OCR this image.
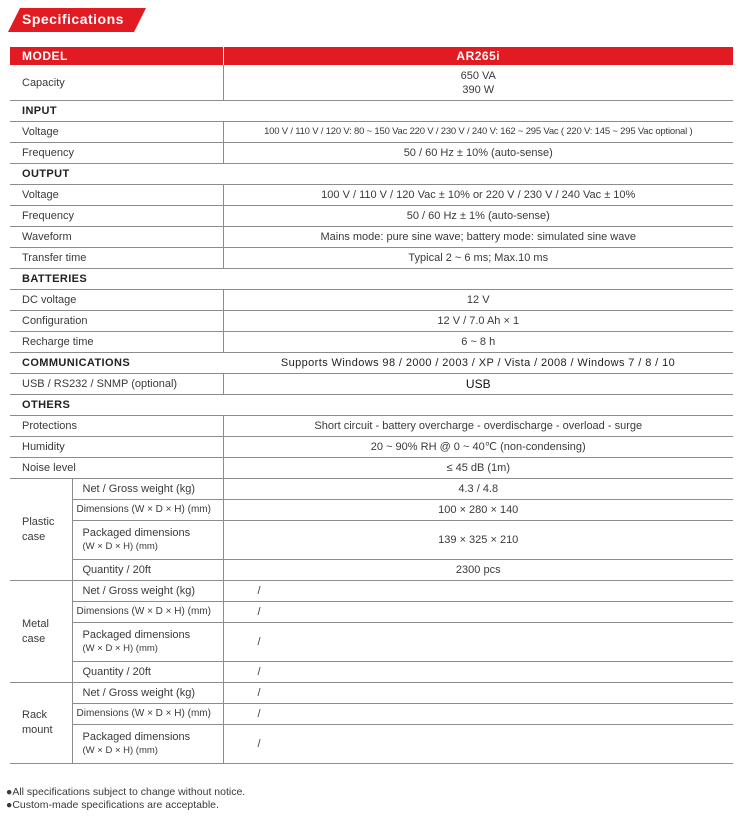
Specifications
MODEL		AR265i
Capacity		650 VA
390 W

INPUT		
Voltage		100 V / 110 V / 120 V: 80 ~ 150 Vac 220 V / 230 V / 240 V: 162 ~ 295 Vac ( 220 V: 145 ~ 295 Vac optional )
Frequency		50 / 60 Hz ± 10% (auto-sense)
OUTPUT		
Voltage		100 V / 110 V / 120 Vac ± 10% or 220 V / 230 V / 240 Vac ± 10%
Frequency		50 / 60 Hz ± 1% (auto-sense)
Waveform		Mains mode: pure sine wave; battery mode: simulated sine wave
Transfer time		Typical 2 ~ 6 ms; Max.10 ms
BATTERIES		
DC voltage		12 V
Configuration		12 V / 7.0 Ah × 1
Recharge time		6 ~ 8 h
COMMUNICATIONS		Supports Windows 98 / 2000 / 2003 / XP / Vista / 2008 / Windows 7 / 8 / 10
USB / RS232 / SNMP (optional)		USB
OTHERS		
Protections		Short circuit - battery overcharge - overdischarge - overload - surge
Humidity		20 ~ 90% RH @ 0 ~ 40℃ (non-condensing)
Noise level		≤ 45 dB (1m)
Plastic case	Net / Gross weight (kg)	4.3 / 4.8
	Dimensions (W × D × H) (mm)	100 × 280 × 140

	Packaged dimensions
(W × D × H) (mm)	139 × 325 × 210
	Quantity / 20ft	2300 pcs
Metal case	Net / Gross weight (kg)	/
	Dimensions (W × D × H) (mm)	/

	Packaged dimensions
(W × D × H) (mm)	/
	Quantity / 20ft	/
Rack mount	Net / Gross weight (kg)	/
	Dimensions (W × D × H) (mm)	/

	Packaged dimensions
(W × D × H) (mm)	/
●All specifications subject to change without notice.
●Custom-made specifications are acceptable.
